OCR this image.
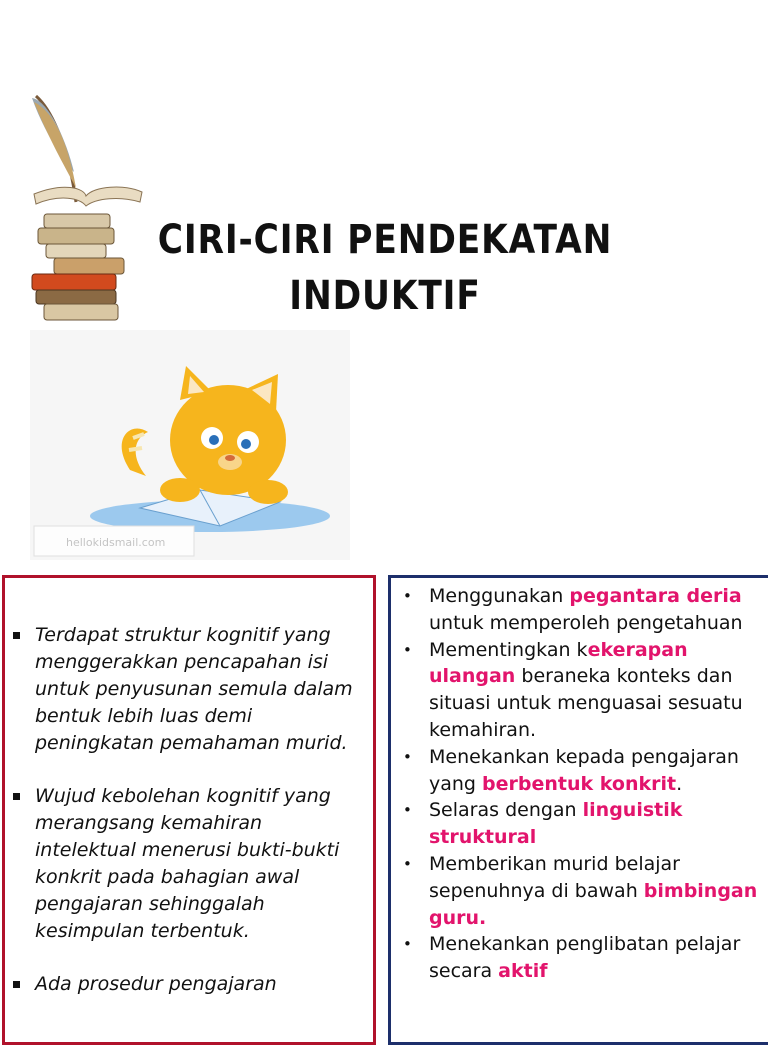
CIRI-CIRI PENDEKATAN
INDUKTIF
hellokidsmail.com
Terdapat struktur kognitif yang menggerakkan pencapahan isi untuk penyusunan semula dalam bentuk lebih luas demi peningkatan pemahaman murid.
Wujud kebolehan kognitif yang merangsang kemahiran intelektual menerusi bukti-bukti konkrit pada bahagian awal pengajaran sehinggalah kesimpulan terbentuk.
Ada prosedur pengajaran
• Menggunakan pegantara deria untuk memperoleh pengetahuan
• Mementingkan kekerapan ulangan beraneka konteks dan situasi untuk menguasai sesuatu kemahiran.
• Menekankan kepada pengajaran yang berbentuk konkrit.
• Selaras dengan linguistik struktural
• Memberikan murid belajar sepenuhnya di bawah bimbingan guru.
• Menekankan penglibatan pelajar secara aktif
